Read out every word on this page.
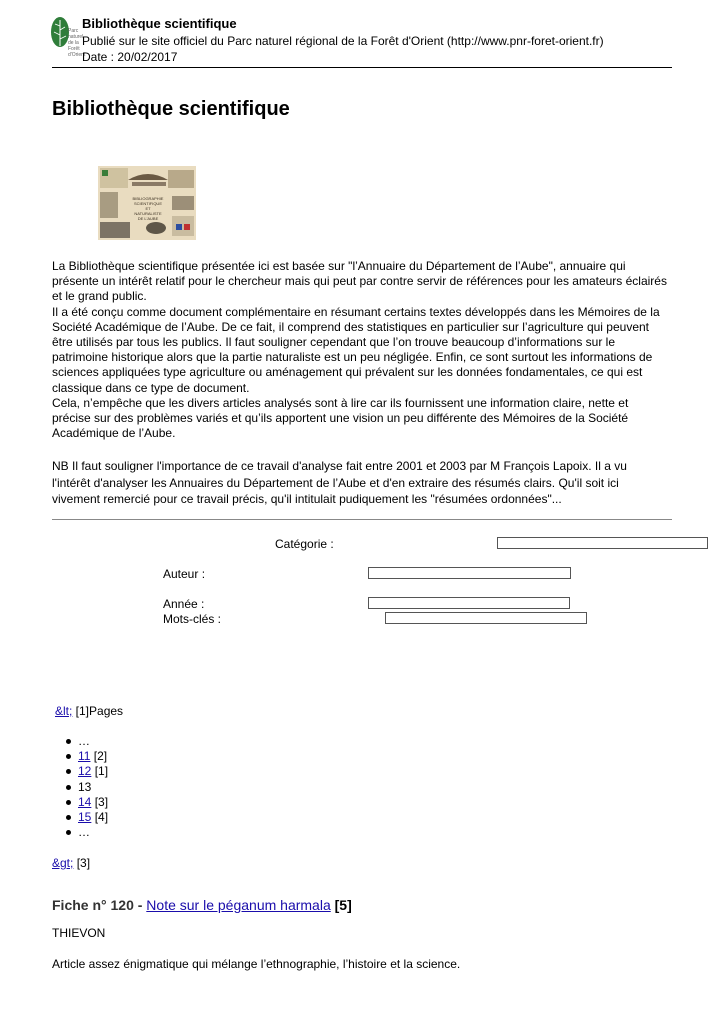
Parc
naturel
de la Forêt
d'Orient
Bibliothèque scientifique
Publié sur le site officiel du Parc naturel régional de la Forêt d'Orient (http://www.pnr-foret-orient.fr)
Date : 20/02/2017
Bibliothèque scientifique
BIBLIOGRAPHIE
SCIENTIFIQUE
ET
NATURALISTE
DE L'AUBE
La Bibliothèque scientifique présentée ici est basée sur "l’Annuaire du Département de l’Aube", annuaire qui présente un intérêt relatif pour le chercheur mais qui peut par contre servir de références pour les amateurs éclairés et le grand public.
Il a été conçu comme document complémentaire en résumant certains textes développés dans les Mémoires de la Société Académique de l’Aube. De ce fait, il comprend des statistiques en particulier sur l’agriculture qui peuvent être utilisés par tous les publics. Il faut souligner cependant que l’on trouve beaucoup d’informations sur le patrimoine historique alors que la partie naturaliste est un peu négligée. Enfin, ce sont surtout les informations de sciences appliquées type agriculture ou aménagement qui prévalent sur les données fondamentales, ce qui est classique dans ce type de document.
Cela, n’empêche que les divers articles analysés sont à lire car ils fournissent une information claire, nette et précise sur des problèmes variés et qu’ils apportent une vision un peu différente des Mémoires de la Société Académique de l’Aube.
NB Il faut souligner l'importance de ce travail d'analyse fait entre 2001 et 2003 par M François Lapoix. Il a vu l'intérêt d'analyser les Annuaires du Département de l’Aube et d'en extraire des résumés clairs. Qu'il soit ici vivement remercié pour ce travail précis, qu'il intitulait pudiquement les "résumées ordonnées"...
Catégorie :
Auteur :
Année :
Mots-clés :
&lt; [1]Pages
…
11 [2]
12 [1]
13
14 [3]
15 [4]
…
&gt; [3]
Fiche n° 120 - Note sur le péganum harmala [5]
THIEVON
Article assez énigmatique qui mélange l’ethnographie, l’histoire et la science.
